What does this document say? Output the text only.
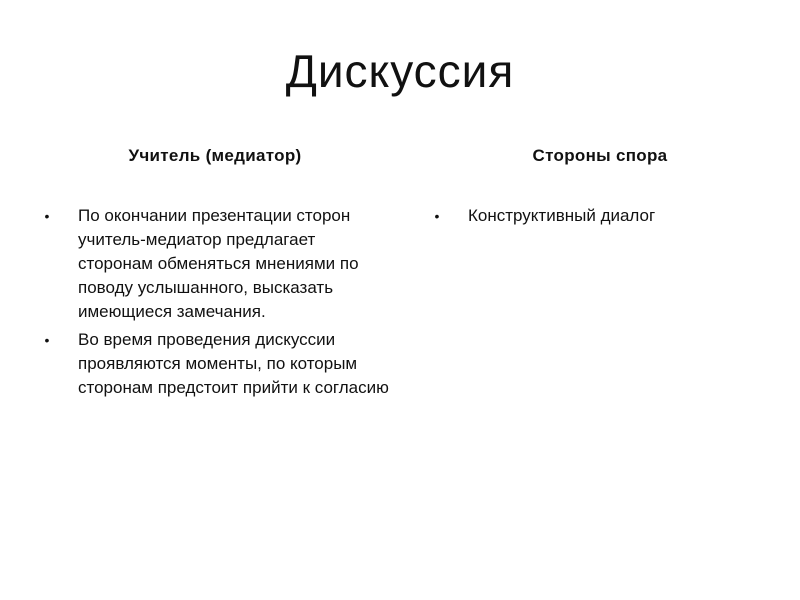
Дискуссия
Учитель (медиатор)
• По окончании презентации сторон учитель-медиатор предлагает сторонам обменяться мнениями по поводу услышанного, высказать имеющиеся замечания.
• Во время проведения дискуссии проявляются моменты, по которым сторонам предстоит прийти к согласию
Стороны спора
• Конструктивный диалог
